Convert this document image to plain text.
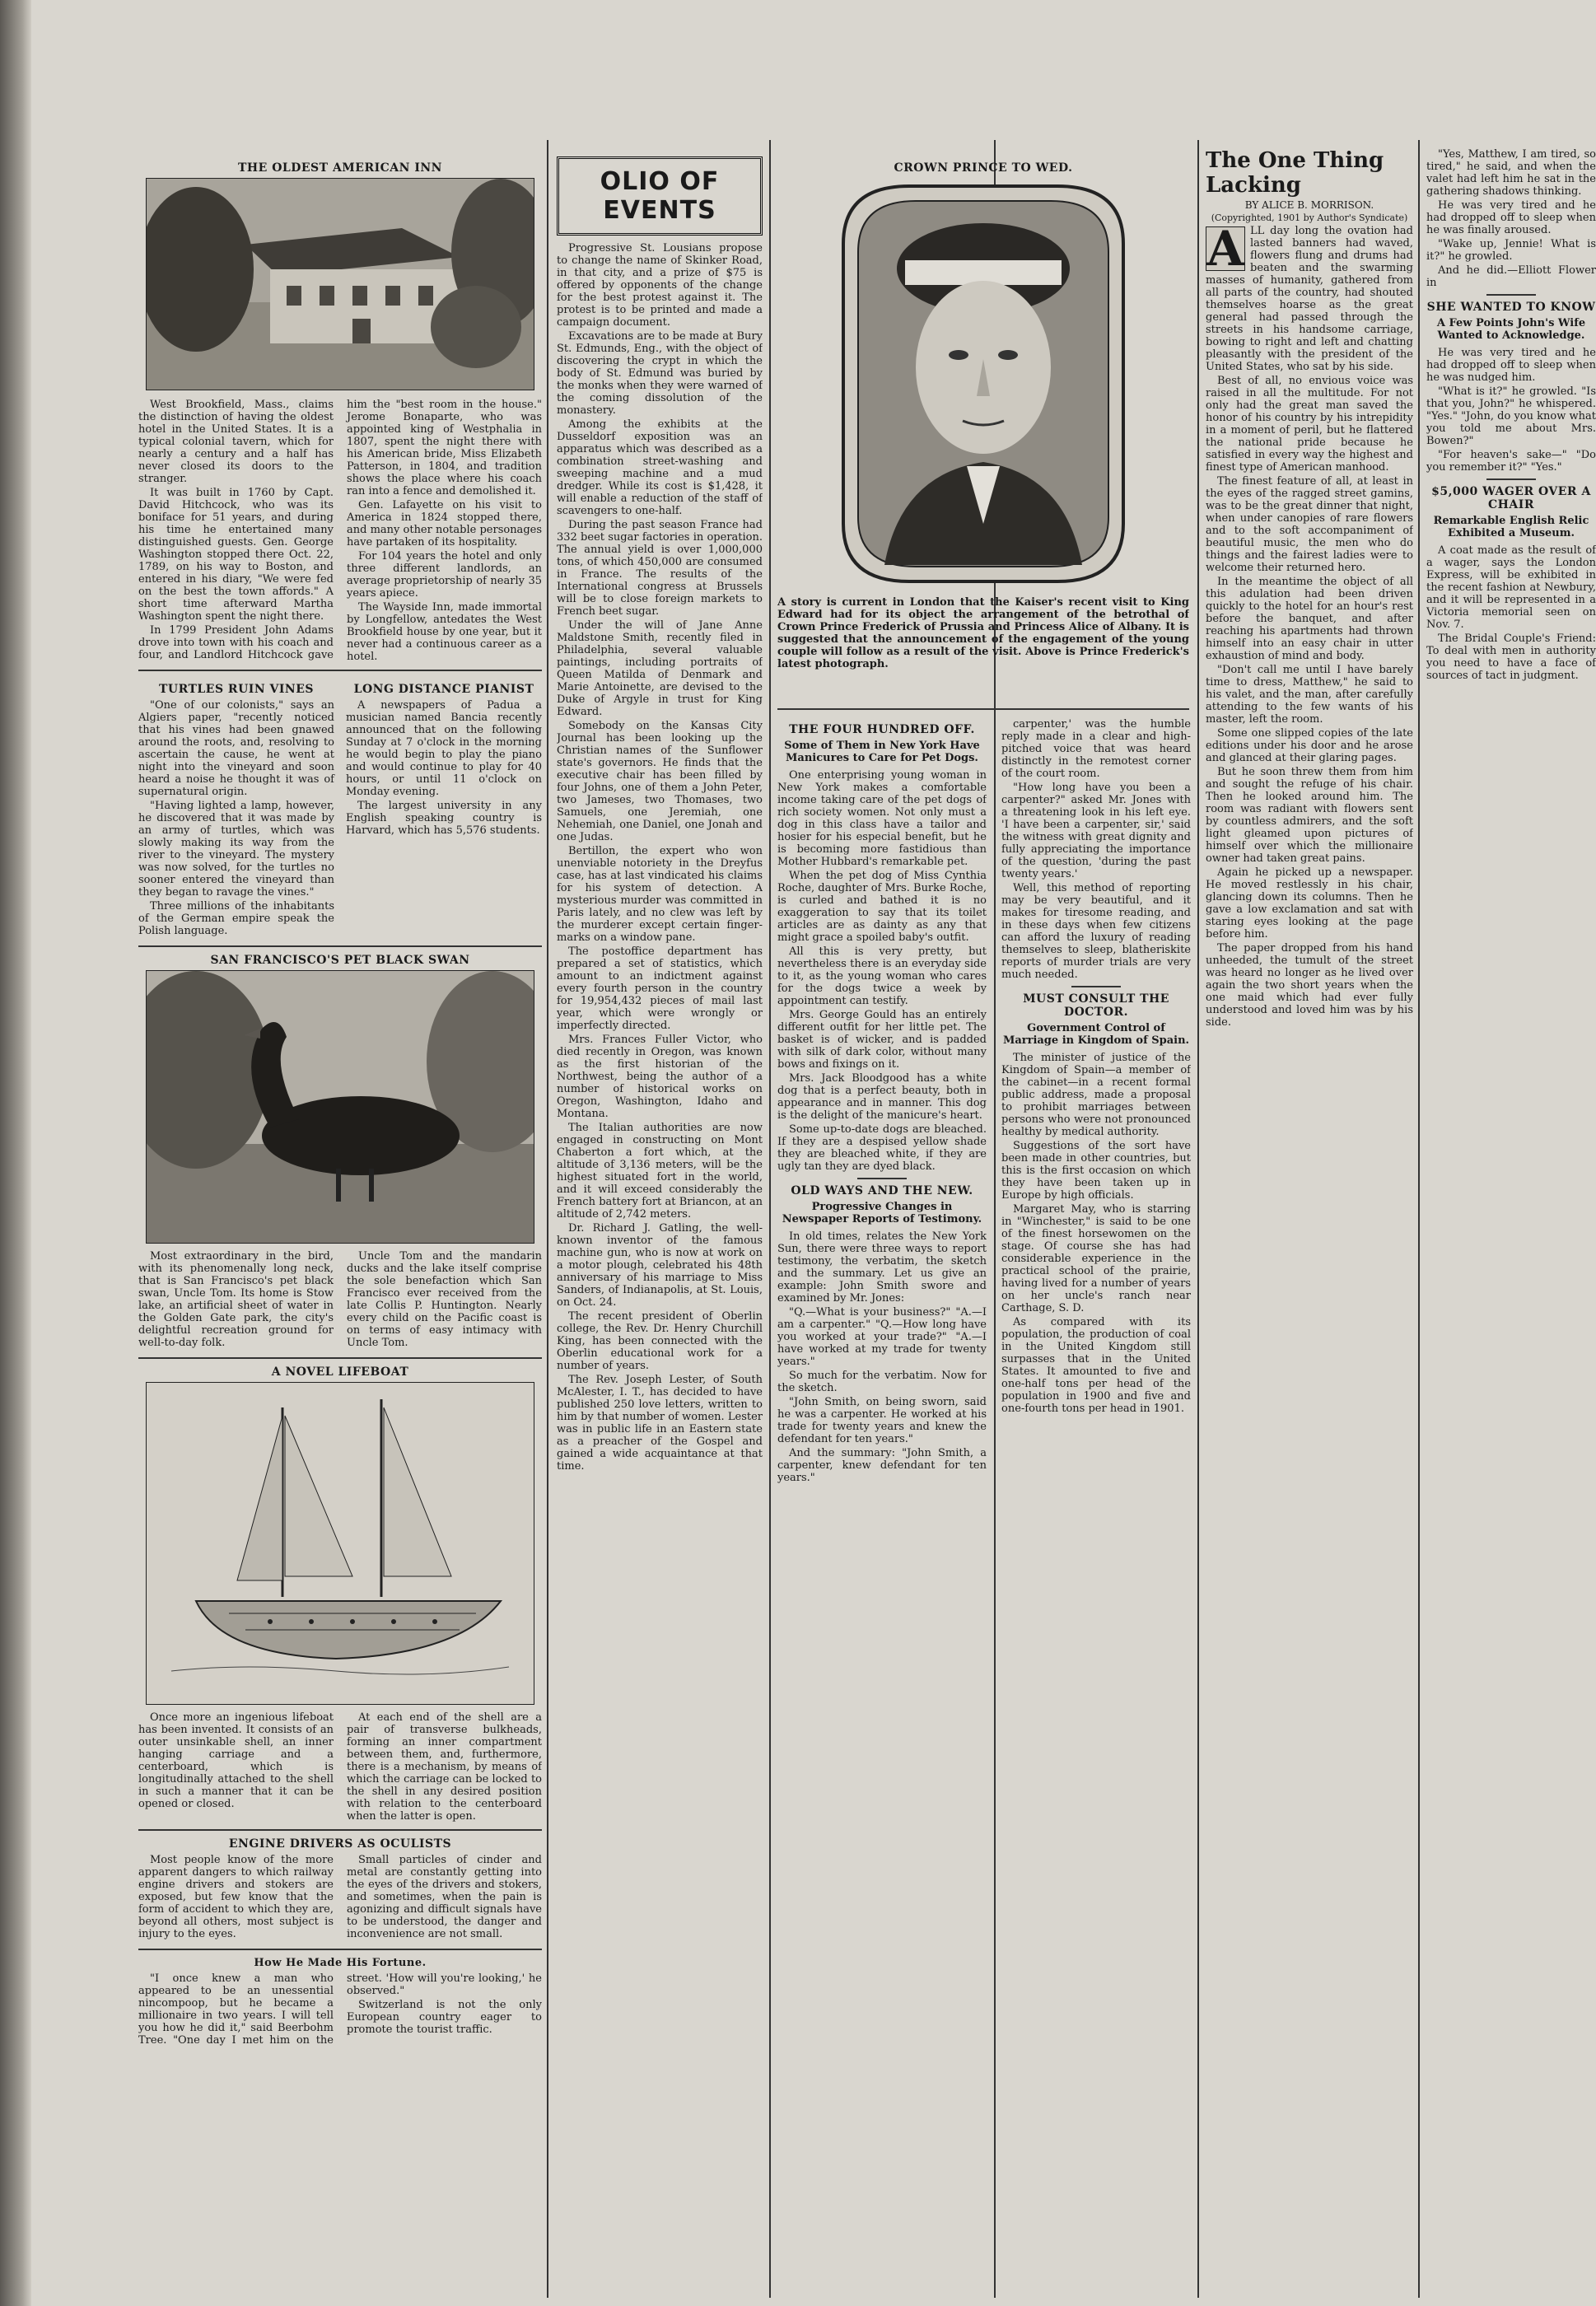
THE OLDEST AMERICAN INN

West Brookfield, Mass., claims the distinction of having the oldest hotel in the United States. It is a typical colonial tavern, which for nearly a century and a half has never closed its doors to the stranger.

It was built in 1760 by Capt. David Hitchcock, who was its boniface for 51 years, and during his time he entertained many distinguished guests. Gen. George Washington stopped there Oct. 22, 1789, on his way to Boston, and entered in his diary, "We were fed on the best the town affords." A short time afterward Martha Washington spent the night there.

In 1799 President John Adams drove into town with his coach and four, and Landlord Hitchcock gave him the "best room in the house." Jerome Bonaparte, who was appointed king of Westphalia in 1807, spent the night there with his American bride, Miss Elizabeth Patterson, in 1804, and tradition shows the place where his coach ran into a fence and demolished it.

Gen. Lafayette on his visit to America in 1824 stopped there, and many other notable personages have partaken of its hospitality.

For 104 years the hotel and only three different landlords, an average proprietorship of nearly 35 years apiece.

The Wayside Inn, made immortal by Longfellow, antedates the West Brookfield house by one year, but it never had a continuous career as a hotel.

TURTLES RUIN VINES

"One of our colonists," says an Algiers paper, "recently noticed that his vines had been gnawed around the roots, and, resolving to ascertain the cause, he went at night into the vineyard and soon heard a noise he thought it was of supernatural origin.

"Having lighted a lamp, however, he discovered that it was made by an army of turtles, which was slowly making its way from the river to the vineyard. The mystery was now solved, for the turtles no sooner entered the vineyard than they began to ravage the vines."

Three millions of the inhabitants of the German empire speak the Polish language.

LONG DISTANCE PIANIST

A newspapers of Padua a musician named Bancia recently announced that on the following Sunday at 7 o'clock in the morning he would begin to play the piano and would continue to play for 40 hours, or until 11 o'clock on Monday evening.

The largest university in any English speaking country is Harvard, which has 5,576 students.

SAN FRANCISCO'S PET BLACK SWAN

Most extraordinary in the bird, with its phenomenally long neck, that is San Francisco's pet black swan, Uncle Tom. Its home is Stow lake, an artificial sheet of water in the Golden Gate park, the city's delightful recreation ground for well-to-day folk.

Uncle Tom and the mandarin ducks and the lake itself comprise the sole benefaction which San Francisco ever received from the late Collis P. Huntington. Nearly every child on the Pacific coast is on terms of easy intimacy with Uncle Tom.

A NOVEL LIFEBOAT

Once more an ingenious lifeboat has been invented. It consists of an outer unsinkable shell, an inner hanging carriage and a centerboard, which is longitudinally attached to the shell in such a manner that it can be opened or closed.

At each end of the shell are a pair of transverse bulkheads, forming an inner compartment between them, and, furthermore, there is a mechanism, by means of which the carriage can be locked to the shell in any desired position with relation to the centerboard when the latter is open.

ENGINE DRIVERS AS OCULISTS

Most people know of the more apparent dangers to which railway engine drivers and stokers are exposed, but few know that the form of accident to which they are, beyond all others, most subject is injury to the eyes.

Small particles of cinder and metal are constantly getting into the eyes of the drivers and stokers, and sometimes, when the pain is agonizing and difficult signals have to be understood, the danger and inconvenience are not small.

How He Made His Fortune.

"I once knew a man who appeared to be an unessential nincompoop, but he became a millionaire in two years. I will tell you how he did it," said Beerbohm Tree. "One day I met him on the street. 'How will you're looking,' he observed."

Switzerland is not the only European country eager to promote the tourist traffic.

OLIO OF EVENTS

Progressive St. Lousians propose to change the name of Skinker Road, in that city, and a prize of $75 is offered by opponents of the change for the best protest against it. The protest is to be printed and made a campaign document.

Excavations are to be made at Bury St. Edmunds, Eng., with the object of discovering the crypt in which the body of St. Edmund was buried by the monks when they were warned of the coming dissolution of the monastery.

Among the exhibits at the Dusseldorf exposition was an apparatus which was described as a combination street-washing and sweeping machine and a mud dredger. While its cost is $1,428, it will enable a reduction of the staff of scavengers to one-half.

During the past season France had 332 beet sugar factories in operation. The annual yield is over 1,000,000 tons, of which 450,000 are consumed in France. The results of the International congress at Brussels will be to close foreign markets to French beet sugar.

Under the will of Jane Anne Maldstone Smith, recently filed in Philadelphia, several valuable paintings, including portraits of Queen Matilda of Denmark and Marie Antoinette, are devised to the Duke of Argyle in trust for King Edward.

Somebody on the Kansas City Journal has been looking up the Christian names of the Sunflower state's governors. He finds that the executive chair has been filled by four Johns, one of them a John Peter, two Jameses, two Thomases, two Samuels, one Jeremiah, one Nehemiah, one Daniel, one Jonah and one Judas.

Bertillon, the expert who won unenviable notoriety in the Dreyfus case, has at last vindicated his claims for his system of detection. A mysterious murder was committed in Paris lately, and no clew was left by the murderer except certain finger-marks on a window pane.

The postoffice department has prepared a set of statistics, which amount to an indictment against every fourth person in the country for 19,954,432 pieces of mail last year, which were wrongly or imperfectly directed.

Mrs. Frances Fuller Victor, who died recently in Oregon, was known as the first historian of the Northwest, being the author of a number of historical works on Oregon, Washington, Idaho and Montana.

The Italian authorities are now engaged in constructing on Mont Chaberton a fort which, at the altitude of 3,136 meters, will be the highest situated fort in the world, and it will exceed considerably the French battery fort at Briancon, at an altitude of 2,742 meters.

Dr. Richard J. Gatling, the well-known inventor of the famous machine gun, who is now at work on a motor plough, celebrated his 48th anniversary of his marriage to Miss Sanders, of Indianapolis, at St. Louis, on Oct. 24.

The recent president of Oberlin college, the Rev. Dr. Henry Churchill King, has been connected with the Oberlin educational work for a number of years.

The Rev. Joseph Lester, of South McAlester, I. T., has decided to have published 250 love letters, written to him by that number of women. Lester was in public life in an Eastern state as a preacher of the Gospel and gained a wide acquaintance at that time.

CROWN PRINCE TO WED.
A story is current in London that the Kaiser's recent visit to King Edward had for its object the arrangement of the betrothal of Crown Prince Frederick of Prussia and Princess Alice of Albany. It is suggested that the announcement of the engagement of the young couple will follow as a result of the visit. Above is Prince Frederick's latest photograph.
THE FOUR HUNDRED OFF.
Some of Them in New York Have Manicures to Care for Pet Dogs.

One enterprising young woman in New York makes a comfortable income taking care of the pet dogs of rich society women. Not only must a dog in this class have a tailor and hosier for his especial benefit, but he is becoming more fastidious than Mother Hubbard's remarkable pet.

When the pet dog of Miss Cynthia Roche, daughter of Mrs. Burke Roche, is curled and bathed it is no exaggeration to say that its toilet articles are as dainty as any that might grace a spoiled baby's outfit.

All this is very pretty, but nevertheless there is an everyday side to it, as the young woman who cares for the dogs twice a week by appointment can testify.

Mrs. George Gould has an entirely different outfit for her little pet. The basket is of wicker, and is padded with silk of dark color, without many bows and fixings on it.

Mrs. Jack Bloodgood has a white dog that is a perfect beauty, both in appearance and in manner. This dog is the delight of the manicure's heart.

Some up-to-date dogs are bleached. If they are a despised yellow shade they are bleached white, if they are ugly tan they are dyed black.

OLD WAYS AND THE NEW.
Progressive Changes in Newspaper Reports of Testimony.

In old times, relates the New York Sun, there were three ways to report testimony, the verbatim, the sketch and the summary. Let us give an example: John Smith swore and examined by Mr. Jones:

"Q.—What is your business?" "A.—I am a carpenter." "Q.—How long have you worked at your trade?" "A.—I have worked at my trade for twenty years."

So much for the verbatim. Now for the sketch.

"John Smith, on being sworn, said he was a carpenter. He worked at his trade for twenty years and knew the defendant for ten years."

And the summary: "John Smith, a carpenter, knew defendant for ten years."

carpenter,' was the humble reply made in a clear and high-pitched voice that was heard distinctly in the remotest corner of the court room.

"How long have you been a carpenter?" asked Mr. Jones with a threatening look in his left eye. 'I have been a carpenter, sir,' said the witness with great dignity and fully appreciating the importance of the question, 'during the past twenty years.'

Well, this method of reporting may be very beautiful, and it makes for tiresome reading, and in these days when few citizens can afford the luxury of reading themselves to sleep, blatheriskite reports of murder trials are very much needed.

MUST CONSULT THE DOCTOR.
Government Control of Marriage in Kingdom of Spain.

The minister of justice of the Kingdom of Spain—a member of the cabinet—in a recent formal public address, made a proposal to prohibit marriages between persons who were not pronounced healthy by medical authority.

Suggestions of the sort have been made in other countries, but this is the first occasion on which they have been taken up in Europe by high officials.

Margaret May, who is starring in "Winchester," is said to be one of the finest horsewomen on the stage. Of course she has had considerable experience in the practical school of the prairie, having lived for a number of years on her uncle's ranch near Carthage, S. D.

As compared with its population, the production of coal in the United Kingdom still surpasses that in the United States. It amounted to five and one-half tons per head of the population in 1900 and five and one-fourth tons per head in 1901.

The One Thing Lacking
BY ALICE B. MORRISON.
(Copyrighted, 1901 by Author's Syndicate)
A LL day long the ovation had lasted banners had waved, flowers flung and drums had beaten and the swarming masses of humanity, gathered from all parts of the country, had shouted themselves hoarse as the great general had passed through the streets in his handsome carriage, bowing to right and left and chatting pleasantly with the president of the United States, who sat by his side.

Best of all, no envious voice was raised in all the multitude. For not only had the great man saved the honor of his country by his intrepidity in a moment of peril, but he flattered the national pride because he satisfied in every way the highest and finest type of American manhood.

The finest feature of all, at least in the eyes of the ragged street gamins, was to be the great dinner that night, when under canopies of rare flowers and to the soft accompaniment of beautiful music, the men who do things and the fairest ladies were to welcome their returned hero.

In the meantime the object of all this adulation had been driven quickly to the hotel for an hour's rest before the banquet, and after reaching his apartments had thrown himself into an easy chair in utter exhaustion of mind and body.

"Don't call me until I have barely time to dress, Matthew," he said to his valet, and the man, after carefully attending to the few wants of his master, left the room.

Some one slipped copies of the late editions under his door and he arose and glanced at their glaring pages.

But he soon threw them from him and sought the refuge of his chair. Then he looked around him. The room was radiant with flowers sent by countless admirers, and the soft light gleamed upon pictures of himself over which the millionaire owner had taken great pains.

Again he picked up a newspaper. He moved restlessly in his chair, glancing down its columns. Then he gave a low exclamation and sat with staring eyes looking at the page before him.

The paper dropped from his hand unheeded, the tumult of the street was heard no longer as he lived over again the two short years when the one maid which had ever fully understood and loved him was by his side.

"Yes, Matthew, I am tired, so tired," he said, and when the valet had left him he sat in the gathering shadows thinking.

He was very tired and he had dropped off to sleep when he was finally aroused.

"Wake up, Jennie! What is it?" he growled.

And he did.—Elliott Flower in

SHE WANTED TO KNOW
A Few Points John's Wife Wanted to Acknowledge.

He was very tired and he had dropped off to sleep when he was nudged him.

"What is it?" he growled. "Is that you, John?" he whispered. "Yes." "John, do you know what you told me about Mrs. Bowen?"

"For heaven's sake—" "Do you remember it?" "Yes."

$5,000 WAGER OVER A CHAIR
Remarkable English Relic Exhibited a Museum.

A coat made as the result of a wager, says the London Express, will be exhibited in the recent fashion at Newbury, and it will be represented in a Victoria memorial seen on Nov. 7.

The Bridal Couple's Friend: To deal with men in authority you need to have a face of sources of tact in judgment.
